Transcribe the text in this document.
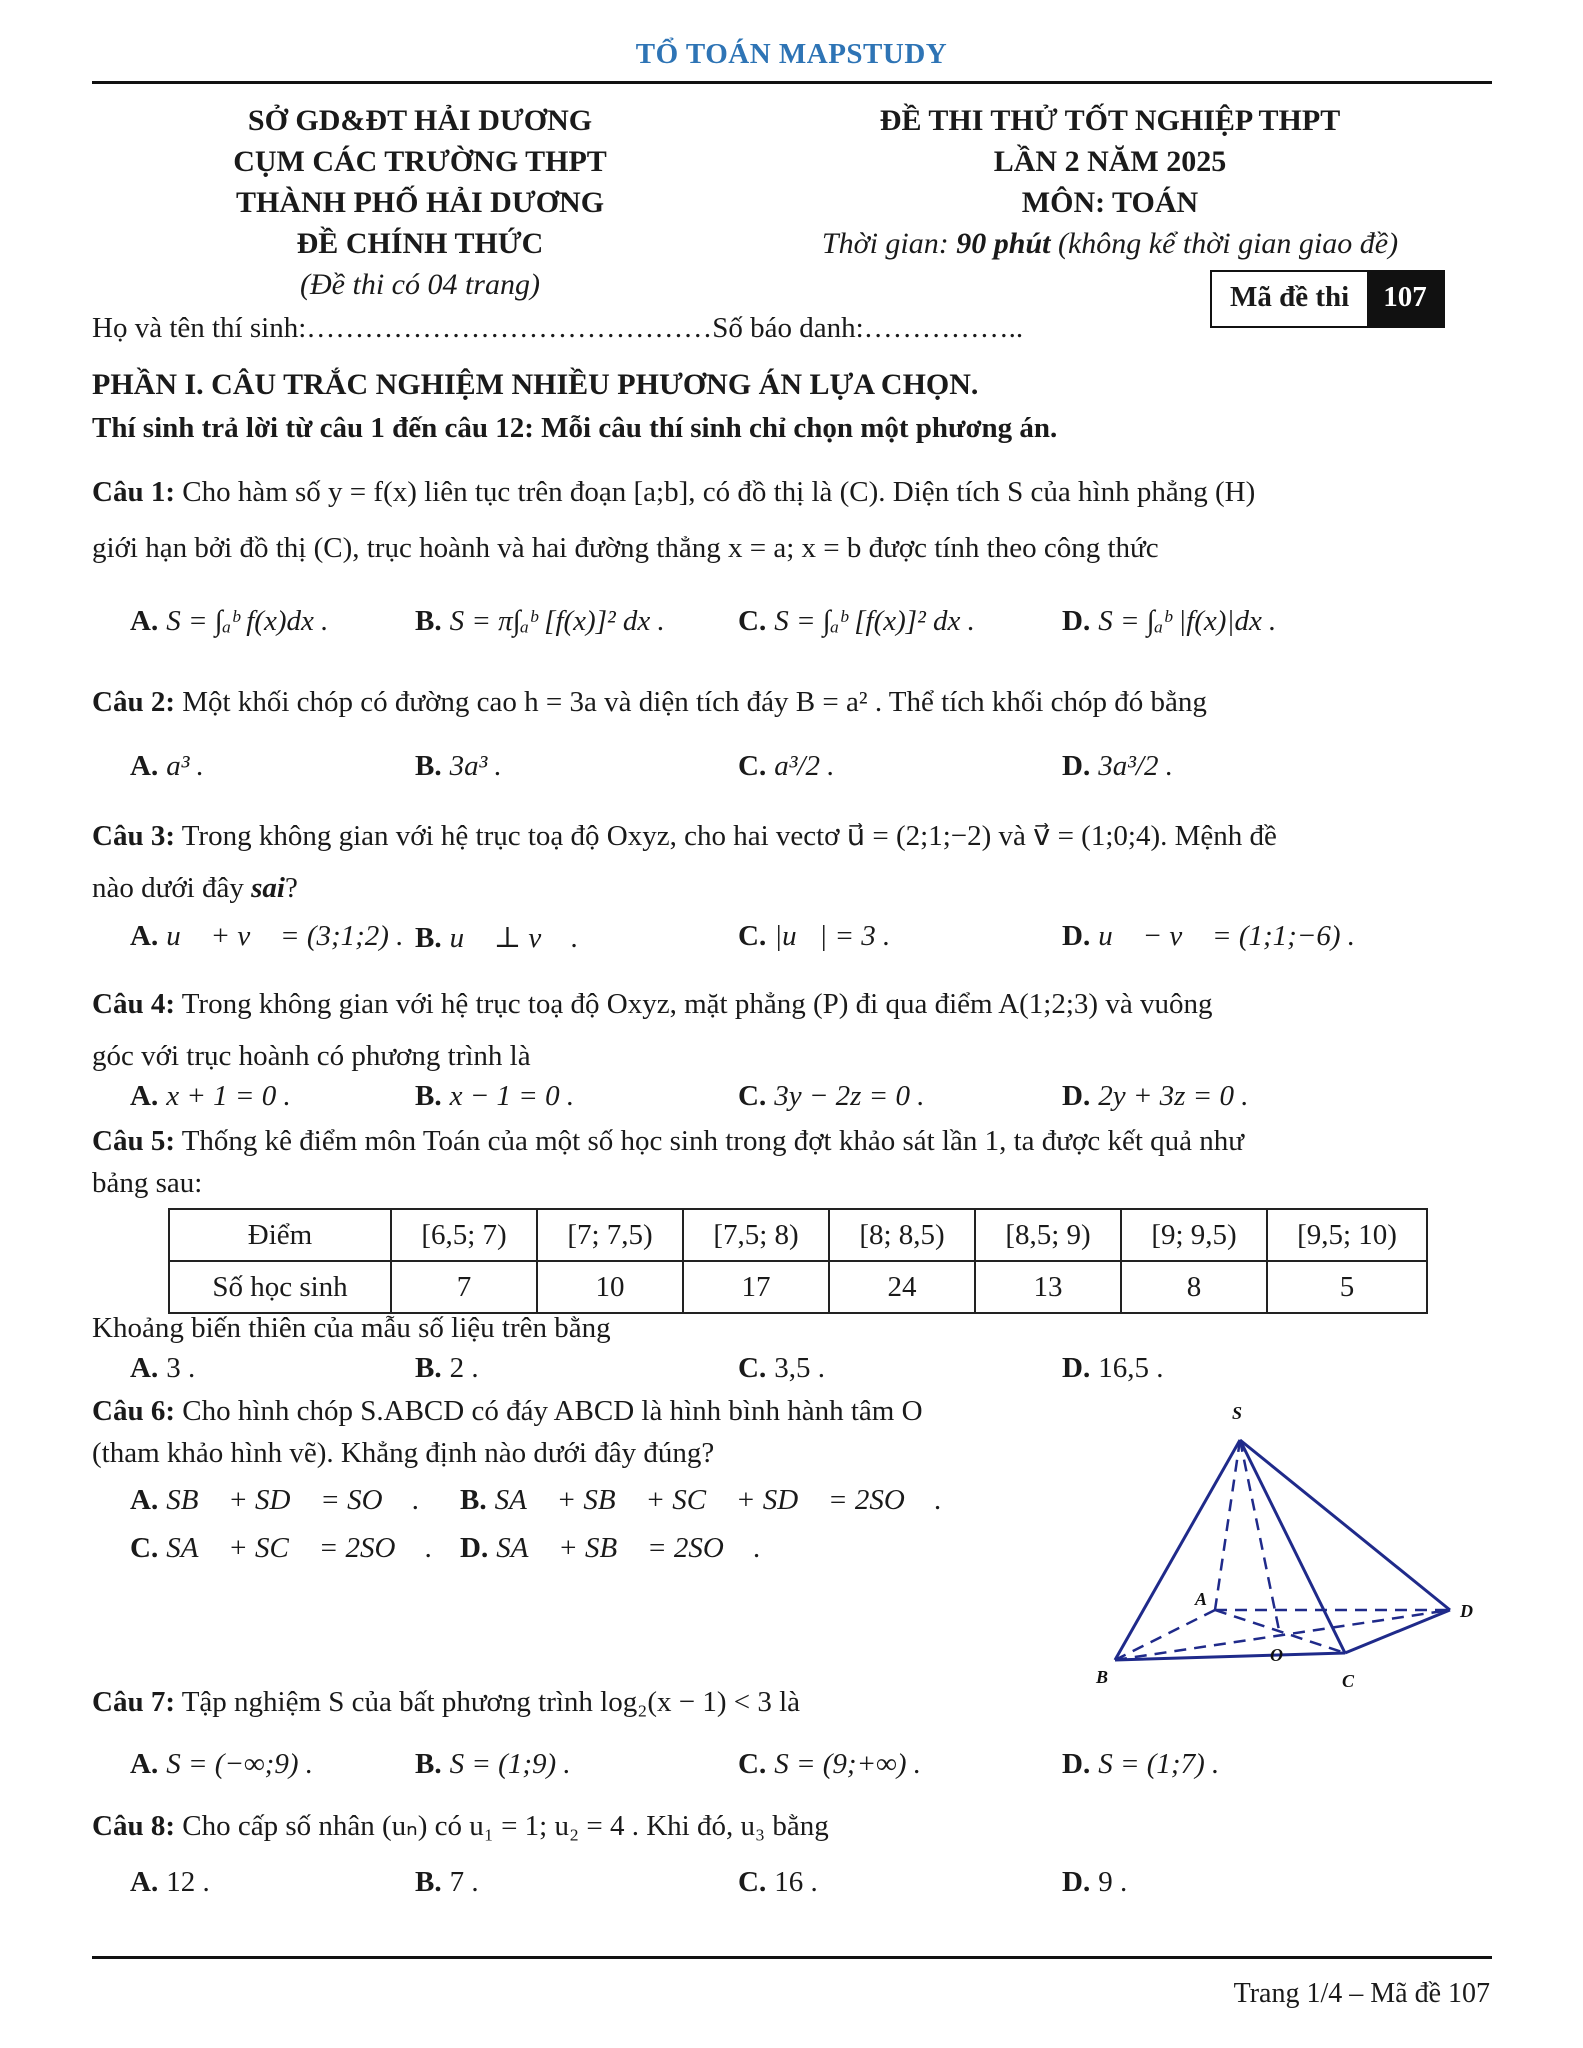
TỔ TOÁN MAPSTUDY
SỞ GD&ĐT HẢI DƯƠNG
CỤM CÁC TRƯỜNG THPT
THÀNH PHỐ HẢI DƯƠNG
ĐỀ CHÍNH THỨC
(Đề thi có 04 trang)
ĐỀ THI THỬ TỐT NGHIỆP THPT
LẦN 2 NĂM 2025
MÔN: TOÁN
Thời gian: 90 phút (không kể thời gian giao đề)
Mã đề thi	107
Họ và tên thí sinh:……………………………………Số báo danh:……………..
PHẦN I. CÂU TRẮC NGHIỆM NHIỀU PHƯƠNG ÁN LỰA CHỌN.
Thí sinh trả lời từ câu 1 đến câu 12: Mỗi câu thí sinh chỉ chọn một phương án.
Câu 1: Cho hàm số y = f(x) liên tục trên đoạn [a;b], có đồ thị là (C). Diện tích S của hình phẳng (H)
giới hạn bởi đồ thị (C), trục hoành và hai đường thẳng x = a; x = b được tính theo công thức
A. S = ∫ₐᵇ f(x)dx .	B. S = π∫ₐᵇ [f(x)]² dx .	C. S = ∫ₐᵇ [f(x)]² dx .	D. S = ∫ₐᵇ |f(x)|dx .
Câu 2: Một khối chóp có đường cao h = 3a và diện tích đáy B = a² . Thể tích khối chóp đó bằng
A. a³ .	B. 3a³ .	C. a³/2 .	D. 3a³/2 .
Câu 3: Trong không gian với hệ trục toạ độ Oxyz, cho hai vectơ u⃗ = (2;1;−2) và v⃗ = (1;0;4). Mệnh đề
nào dưới đây sai?
A. u⃗ + v⃗ = (3;1;2) . B. u⃗ ⊥ v⃗ .	C. |u⃗| = 3 .	D. u⃗ − v⃗ = (1;1;−6) .
Câu 4: Trong không gian với hệ trục toạ độ Oxyz, mặt phẳng (P) đi qua điểm A(1;2;3) và vuông
góc với trục hoành có phương trình là
A. x + 1 = 0 .	B. x − 1 = 0 .	C. 3y − 2z = 0 .	D. 2y + 3z = 0 .
Câu 5: Thống kê điểm môn Toán của một số học sinh trong đợt khảo sát lần 1, ta được kết quả như
bảng sau:
Điểm	[6,5; 7)	[7; 7,5)	[7,5; 8)	[8; 8,5)	[8,5; 9)	[9; 9,5)	[9,5; 10)
Số học sinh	7	10	17	24	13	8	5
Khoảng biến thiên của mẫu số liệu trên bằng
A. 3 .	B. 2 .	C. 3,5 .	D. 16,5 .
Câu 6: Cho hình chóp S.ABCD có đáy ABCD là hình bình hành tâm O
(tham khảo hình vẽ). Khẳng định nào dưới đây đúng?
A. SB⃗ + SD⃗ = SO⃗ . B. SA⃗ + SB⃗ + SC⃗ + SD⃗ = 2SO⃗ .
C. SA⃗ + SC⃗ = 2SO⃗ . D. SA⃗ + SB⃗ = 2SO⃗ .
S
A
D
O
B	C
Câu 7: Tập nghiệm S của bất phương trình log₂(x − 1) < 3 là
A. S = (−∞;9) .	B. S = (1;9) .	C. S = (9;+∞) .	D. S = (1;7) .
Câu 8: Cho cấp số nhân (uₙ) có u₁ = 1; u₂ = 4 . Khi đó, u₃ bằng
A. 12 .	B. 7 .	C. 16 .	D. 9 .
Trang 1/4 – Mã đề 107
